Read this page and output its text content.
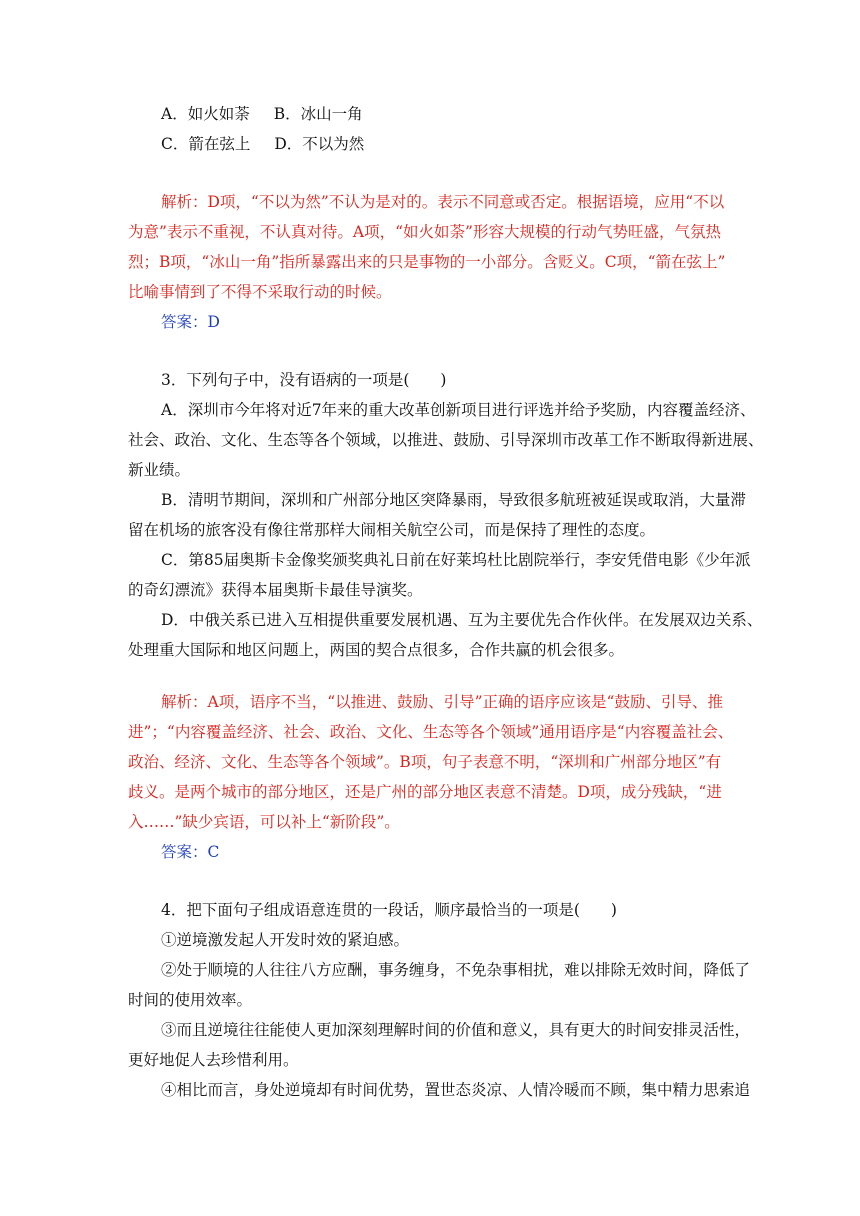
A．如火如荼 B．冰山一角
C．箭在弦上 D．不以为然
解析：D项，“不以为然”不认为是对的。表示不同意或否定。根据语境，应用“不以
为意”表示不重视，不认真对待。A项，“如火如荼”形容大规模的行动气势旺盛，气氛热
烈；B项，“冰山一角”指所暴露出来的只是事物的一小部分。含贬义。C项，“箭在弦上”
比喻事情到了不得不采取行动的时候。
答案：D
3．下列句子中，没有语病的一项是(　　)
A．深圳市今年将对近7年来的重大改革创新项目进行评选并给予奖励，内容覆盖经济、
社会、政治、文化、生态等各个领域，以推进、鼓励、引导深圳市改革工作不断取得新进展、
新业绩。
B．清明节期间，深圳和广州部分地区突降暴雨，导致很多航班被延误或取消，大量滞
留在机场的旅客没有像往常那样大闹相关航空公司，而是保持了理性的态度。
C．第85届奥斯卡金像奖颁奖典礼日前在好莱坞杜比剧院举行，李安凭借电影《少年派
的奇幻漂流》获得本届奥斯卡最佳导演奖。
D．中俄关系已进入互相提供重要发展机遇、互为主要优先合作伙伴。在发展双边关系、
处理重大国际和地区问题上，两国的契合点很多，合作共赢的机会很多。
解析：A项，语序不当，“以推进、鼓励、引导”正确的语序应该是“鼓励、引导、推
进”；“内容覆盖经济、社会、政治、文化、生态等各个领域”通用语序是“内容覆盖社会、
政治、经济、文化、生态等各个领域”。B项，句子表意不明，“深圳和广州部分地区”有
歧义。是两个城市的部分地区，还是广州的部分地区表意不清楚。D项，成分残缺，“进
入……”缺少宾语，可以补上“新阶段”。
答案：C
4．把下面句子组成语意连贯的一段话，顺序最恰当的一项是(　　)
①逆境激发起人开发时效的紧迫感。
②处于顺境的人往往八方应酬，事务缠身，不免杂事相扰，难以排除无效时间，降低了
时间的使用效率。
③而且逆境往往能使人更加深刻理解时间的价值和意义，具有更大的时间安排灵活性，
更好地促人去珍惜利用。
④相比而言，身处逆境却有时间优势，置世态炎凉、人情冷暖而不顾，集中精力思索追
